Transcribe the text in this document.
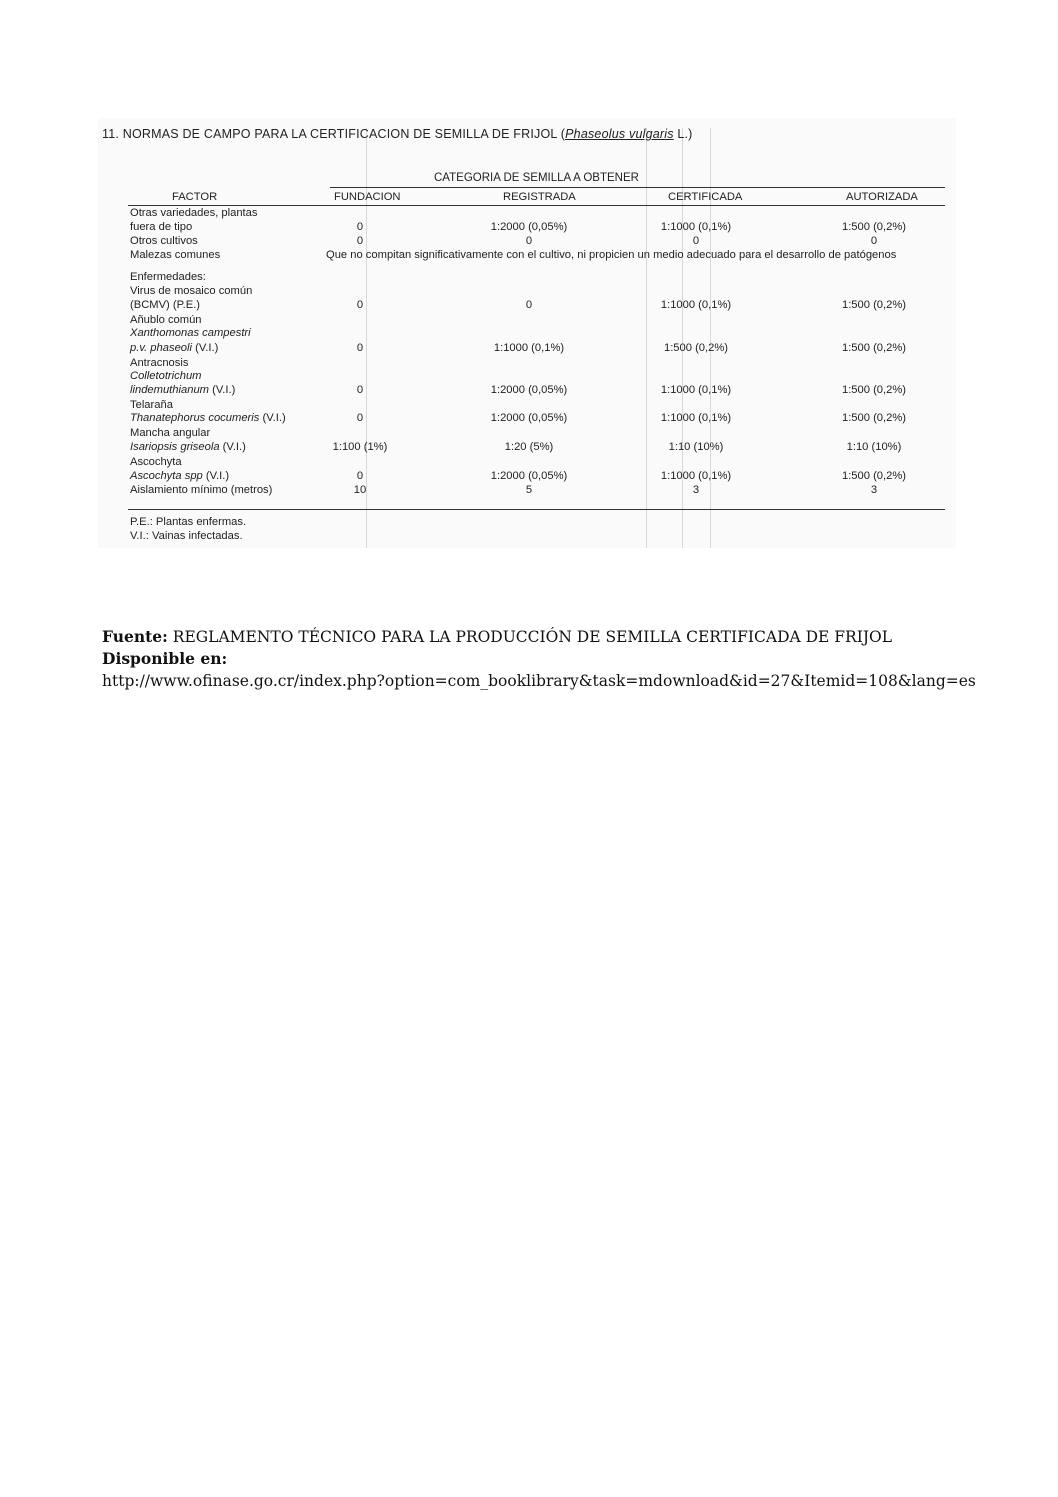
11. NORMAS DE CAMPO PARA LA CERTIFICACION DE SEMILLA DE FRIJOL (Phaseolus vulgaris L.)
CATEGORIA DE SEMILLA A OBTENER
FACTOR	FUNDACION	REGISTRADA	CERTIFICADA	AUTORIZADA
Otras variedades, plantas
fuera de tipo	0	1:2000 (0,05%)	1:1000 (0,1%)	1:500 (0,2%)
Otros cultivos	0	0	0	0
Malezas comunes	Que no compitan significativamente con el cultivo, ni propicien un medio adecuado para el desarrollo de patógenos
Enfermedades:
Virus de mosaico común
(BCMV) (P.E.)	0	0	1:1000 (0,1%)	1:500 (0,2%)
Añublo común
Xanthomonas campestri
p.v. phaseoli (V.I.)	0	1:1000 (0,1%)	1:500 (0,2%)	1:500 (0,2%)
Antracnosis
Colletotrichum
lindemuthianum (V.I.)	0	1:2000 (0,05%)	1:1000 (0,1%)	1:500 (0,2%)
Telaraña
Thanatephorus cocumeris (V.I.)	0	1:2000 (0,05%)	1:1000 (0,1%)	1:500 (0,2%)
Mancha angular
Isariopsis griseola (V.I.)	1:100 (1%)	1:20 (5%)	1:10 (10%)	1:10 (10%)
Ascochyta
Ascochyta spp (V.I.)	0	1:2000 (0,05%)	1:1000 (0,1%)	1:500 (0,2%)
Aislamiento mínimo (metros)	10	5	3	3
P.E.: Plantas enfermas.
V.I.: Vainas infectadas.
Fuente: REGLAMENTO TÉCNICO PARA LA PRODUCCIÓN DE SEMILLA CERTIFICADA DE FRIJOL
Disponible en:
http://www.ofinase.go.cr/index.php?option=com_booklibrary&task=mdownload&id=27&Itemid=108&lang=es
